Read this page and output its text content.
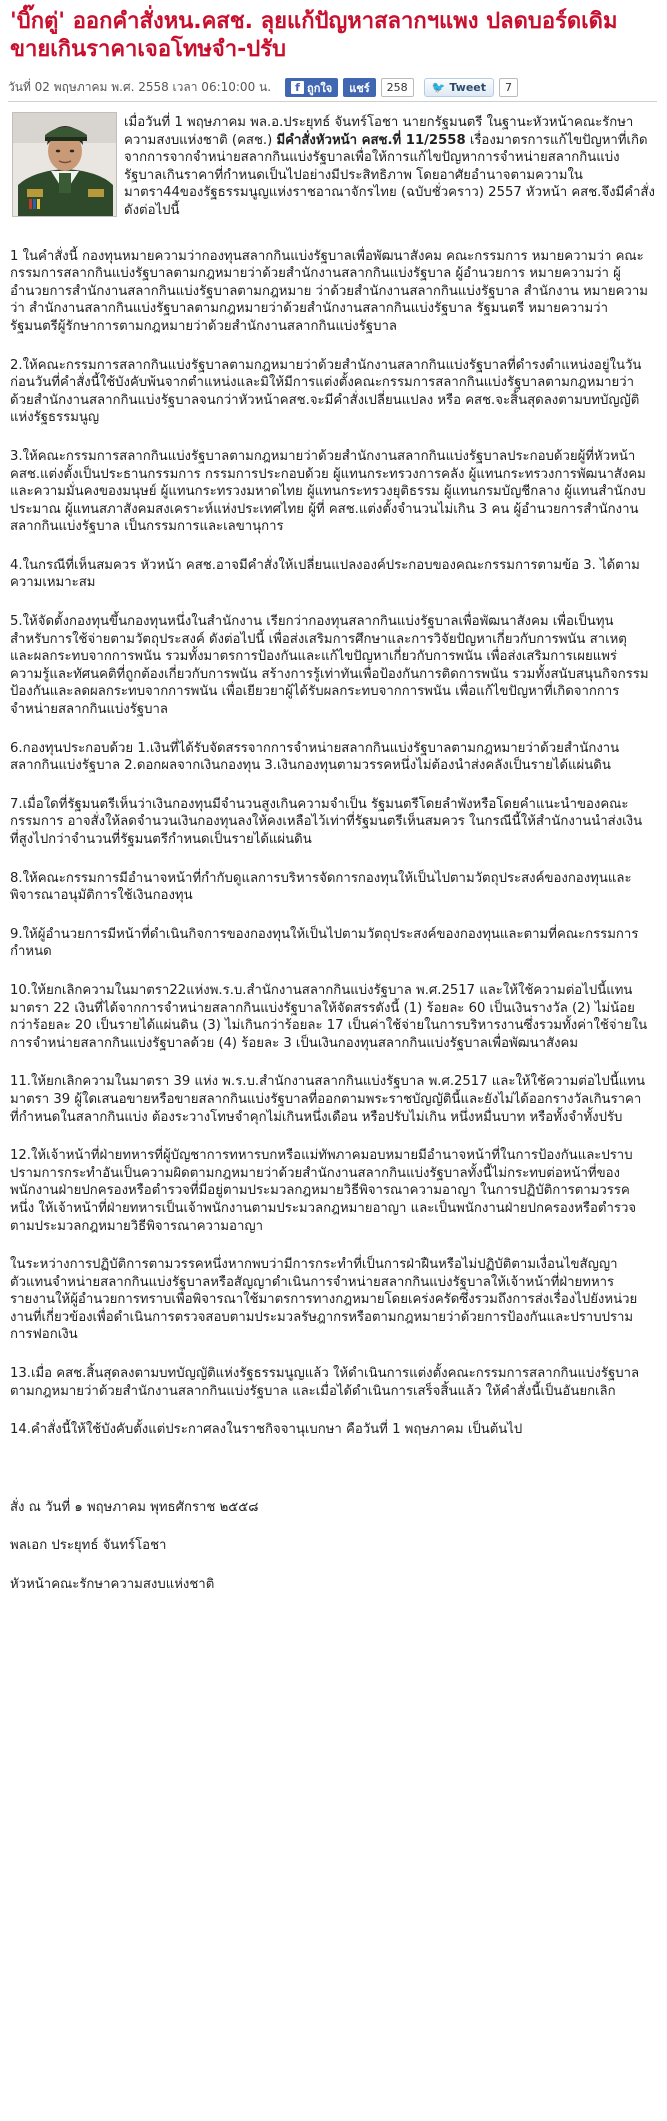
'บิ๊กตู่' ออกคำสั่งหน.คสช. ลุยแก้ปัญหาสลากฯแพง ปลดบอร์ดเดิม ขายเกินราคาเจอโทษจำ-ปรับ
วันที่ 02 พฤษภาคม พ.ศ. 2558 เวลา 06:10:00 น.	f ถูกใจ	แชร์	258	🐦 Tweet	7

เมื่อวันที่ 1 พฤษภาคม พล.อ.ประยุทธ์ จันทร์โอชา นายกรัฐมนตรี ในฐานะหัวหน้าคณะรักษาความสงบแห่งชาติ (คสช.) มีคำสั่งหัวหน้า คสช.ที่ 11/2558 เรื่องมาตรการแก้ไขปัญหาที่เกิดจากการจากจำหน่ายสลากกินแบ่งรัฐบาลเพื่อให้การแก้ไขปัญหาการจำหน่ายสลากกินแบ่งรัฐบาลเกินราคาที่กำหนดเป็นไปอย่างมีประสิทธิภาพ โดยอาศัยอำนาจตามความในมาตรา44ของรัฐธรรมนูญแห่งราชอาณาจักรไทย (ฉบับชั่วคราว) 2557 หัวหน้า คสช.จึงมีคำสั่ง ดังต่อไปนี้

1 ในคำสั่งนี้ กองทุนหมายความว่ากองทุนสลากกินแบ่งรัฐบาลเพื่อพัฒนาสังคม คณะกรรมการ หมายความว่า คณะกรรมการสลากกินแบ่งรัฐบาลตามกฎหมายว่าด้วยสำนักงานสลากกินแบ่งรัฐบาล ผู้อำนวยการ หมายความว่า ผู้อำนวยการสำนักงานสลากกินแบ่งรัฐบาลตามกฎหมาย ว่าด้วยสำนักงานสลากกินแบ่งรัฐบาล สำนักงาน หมายความว่า สำนักงานสลากกินแบ่งรัฐบาลตามกฎหมายว่าด้วยสำนักงานสลากกินแบ่งรัฐบาล รัฐมนตรี หมายความว่า รัฐมนตรีผู้รักษาการตามกฎหมายว่าด้วยสำนักงานสลากกินแบ่งรัฐบาล

2.ให้คณะกรรมการสลากกินแบ่งรัฐบาลตามกฎหมายว่าด้วยสำนักงานสลากกินแบ่งรัฐบาลที่ดำรงตำแหน่งอยู่ในวันก่อนวันที่คำสั่งนี้ใช้บังคับพ้นจากตำแหน่งและมิให้มีการแต่งตั้งคณะกรรมการสลากกินแบ่งรัฐบาลตามกฎหมายว่าด้วยสำนักงานสลากกินแบ่งรัฐบาลจนกว่าหัวหน้าคสช.จะมีคำสั่งเปลี่ยนแปลง หรือ คสช.จะสิ้นสุดลงตามบทบัญญัติแห่งรัฐธรรมนูญ

3.ให้คณะกรรมการสลากกินแบ่งรัฐบาลตามกฎหมายว่าด้วยสำนักงานสลากกินแบ่งรัฐบาลประกอบด้วยผู้ที่หัวหน้าคสช.แต่งตั้งเป็นประธานกรรมการ กรรมการประกอบด้วย ผู้แทนกระทรวงการคลัง ผู้แทนกระทรวงการพัฒนาสังคมและความมั่นคงของมนุษย์ ผู้แทนกระทรวงมหาดไทย ผู้แทนกระทรวงยุติธรรม ผู้แทนกรมบัญชีกลาง ผู้แทนสำนักงบประมาณ ผู้แทนสภาสังคมสงเคราะห์แห่งประเทศไทย ผู้ที่ คสช.แต่งตั้งจำนวนไม่เกิน 3 คน ผู้อำนวยการสำนักงานสลากกินแบ่งรัฐบาล เป็นกรรมการและเลขานุการ

4.ในกรณีที่เห็นสมควร หัวหน้า คสช.อาจมีคำสั่งให้เปลี่ยนแปลงองค์ประกอบของคณะกรรมการตามข้อ 3. ได้ตามความเหมาะสม

5.ให้จัดตั้งกองทุนขึ้นกองทุนหนึ่งในสำนักงาน เรียกว่ากองทุนสลากกินแบ่งรัฐบาลเพื่อพัฒนาสังคม เพื่อเป็นทุนสำหรับการใช้จ่ายตามวัตถุประสงค์ ดังต่อไปนี้ เพื่อส่งเสริมการศึกษาและการวิจัยปัญหาเกี่ยวกับการพนัน สาเหตุและผลกระทบจากการพนัน รวมทั้งมาตรการป้องกันและแก้ไขปัญหาเกี่ยวกับการพนัน เพื่อส่งเสริมการเผยแพร่ความรู้และทัศนคติที่ถูกต้องเกี่ยวกับการพนัน สร้างการรู้เท่าทันเพื่อป้องกันการติดการพนัน รวมทั้งสนับสนุนกิจกรรมป้องกันและลดผลกระทบจากการพนัน เพื่อเยียวยาผู้ได้รับผลกระทบจากการพนัน เพื่อแก้ไขปัญหาที่เกิดจากการจำหน่ายสลากกินแบ่งรัฐบาล

6.กองทุนประกอบด้วย 1.เงินที่ได้รับจัดสรรจากการจำหน่ายสลากกินแบ่งรัฐบาลตามกฎหมายว่าด้วยสำนักงานสลากกินแบ่งรัฐบาล 2.ดอกผลจากเงินกองทุน 3.เงินกองทุนตามวรรคหนึ่งไม่ต้องนำส่งคลังเป็นรายได้แผ่นดิน

7.เมื่อใดที่รัฐมนตรีเห็นว่าเงินกองทุนมีจำนวนสูงเกินความจำเป็น รัฐมนตรีโดยลำพังหรือโดยคำแนะนำของคณะกรรมการ อาจสั่งให้ลดจำนวนเงินกองทุนลงให้คงเหลือไว้เท่าที่รัฐมนตรีเห็นสมควร ในกรณีนี้ให้สำนักงานนำส่งเงินที่สูงไปกว่าจำนวนที่รัฐมนตรีกำหนดเป็นรายได้แผ่นดิน

8.ให้คณะกรรมการมีอำนาจหน้าที่กำกับดูแลการบริหารจัดการกองทุนให้เป็นไปตามวัตถุประสงค์ของกองทุนและพิจารณาอนุมัติการใช้เงินกองทุน

9.ให้ผู้อำนวยการมีหน้าที่ดำเนินกิจการของกองทุนให้เป็นไปตามวัตถุประสงค์ของกองทุนและตามที่คณะกรรมการกำหนด

10.ให้ยกเลิกความในมาตรา22แห่งพ.ร.บ.สำนักงานสลากกินแบ่งรัฐบาล พ.ศ.2517 และให้ใช้ความต่อไปนี้แทน มาตรา 22 เงินที่ได้จากการจำหน่ายสลากกินแบ่งรัฐบาลให้จัดสรรดังนี้ (1) ร้อยละ 60 เป็นเงินรางวัล (2) ไม่น้อยกว่าร้อยละ 20 เป็นรายได้แผ่นดิน (3) ไม่เกินกว่าร้อยละ 17 เป็นค่าใช้จ่ายในการบริหารงานซึ่งรวมทั้งค่าใช้จ่ายในการจำหน่ายสลากกินแบ่งรัฐบาลด้วย (4) ร้อยละ 3 เป็นเงินกองทุนสลากกินแบ่งรัฐบาลเพื่อพัฒนาสังคม

11.ให้ยกเลิกความในมาตรา 39 แห่ง พ.ร.บ.สำนักงานสลากกินแบ่งรัฐบาล พ.ศ.2517 และให้ใช้ความต่อไปนี้แทน
มาตรา 39 ผู้ใดเสนอขายหรือขายสลากกินแบ่งรัฐบาลที่ออกตามพระราชบัญญัตินี้และยังไม่ได้ออกรางวัลเกินราคาที่กำหนดในสลากกินแบ่ง ต้องระวางโทษจำคุกไม่เกินหนึ่งเดือน หรือปรับไม่เกิน หนึ่งหมื่นบาท หรือทั้งจำทั้งปรับ

12.ให้เจ้าหน้าที่ฝ่ายทหารที่ผู้บัญชาการทหารบกหรือแม่ทัพภาคมอบหมายมีอำนาจหน้าที่ในการป้องกันและปราบปรามการกระทำอันเป็นความผิดตามกฎหมายว่าด้วยสำนักงานสลากกินแบ่งรัฐบาลทั้งนี้ไม่กระทบต่อหน้าที่ของพนักงานฝ่ายปกครองหรือตำรวจที่มีอยู่ตามประมวลกฎหมายวิธีพิจารณาความอาญา ในการปฏิบัติการตามวรรคหนึ่ง ให้เจ้าหน้าที่ฝ่ายทหารเป็นเจ้าพนักงานตามประมวลกฎหมายอาญา และเป็นพนักงานฝ่ายปกครองหรือตำรวจตามประมวลกฎหมายวิธีพิจารณาความอาญา

ในระหว่างการปฏิบัติการตามวรรคหนึ่งหากพบว่ามีการกระทำที่เป็นการฝ่าฝืนหรือไม่ปฏิบัติตามเงื่อนไขสัญญาตัวแทนจำหน่ายสลากกินแบ่งรัฐบาลหรือสัญญาดำเนินการจำหน่ายสลากกินแบ่งรัฐบาลให้เจ้าหน้าที่ฝ่ายทหารรายงานให้ผู้อำนวยการทราบเพื่อพิจารณาใช้มาตรการทางกฎหมายโดยเคร่งครัดซึ่งรวมถึงการส่งเรื่องไปยังหน่วยงานที่เกี่ยวข้องเพื่อดำเนินการตรวจสอบตามประมวลรัษฎากรหรือตามกฎหมายว่าด้วยการป้องกันและปราบปรามการฟอกเงิน

13.เมื่อ คสช.สิ้นสุดลงตามบทบัญญัติแห่งรัฐธรรมนูญแล้ว ให้ดำเนินการแต่งตั้งคณะกรรมการสลากกินแบ่งรัฐบาลตามกฎหมายว่าด้วยสำนักงานสลากกินแบ่งรัฐบาล และเมื่อได้ดำเนินการเสร็จสิ้นแล้ว ให้คำสั่งนี้เป็นอันยกเลิก

14.คำสั่งนี้ให้ใช้บังคับตั้งแต่ประกาศลงในราชกิจจานุเบกษา คือวันที่ 1 พฤษภาคม เป็นต้นไป

สั่ง ณ วันที่ ๑ พฤษภาคม พุทธศักราช ๒๕๕๘

พลเอก ประยุทธ์ จันทร์โอชา

หัวหน้าคณะรักษาความสงบแห่งชาติ
